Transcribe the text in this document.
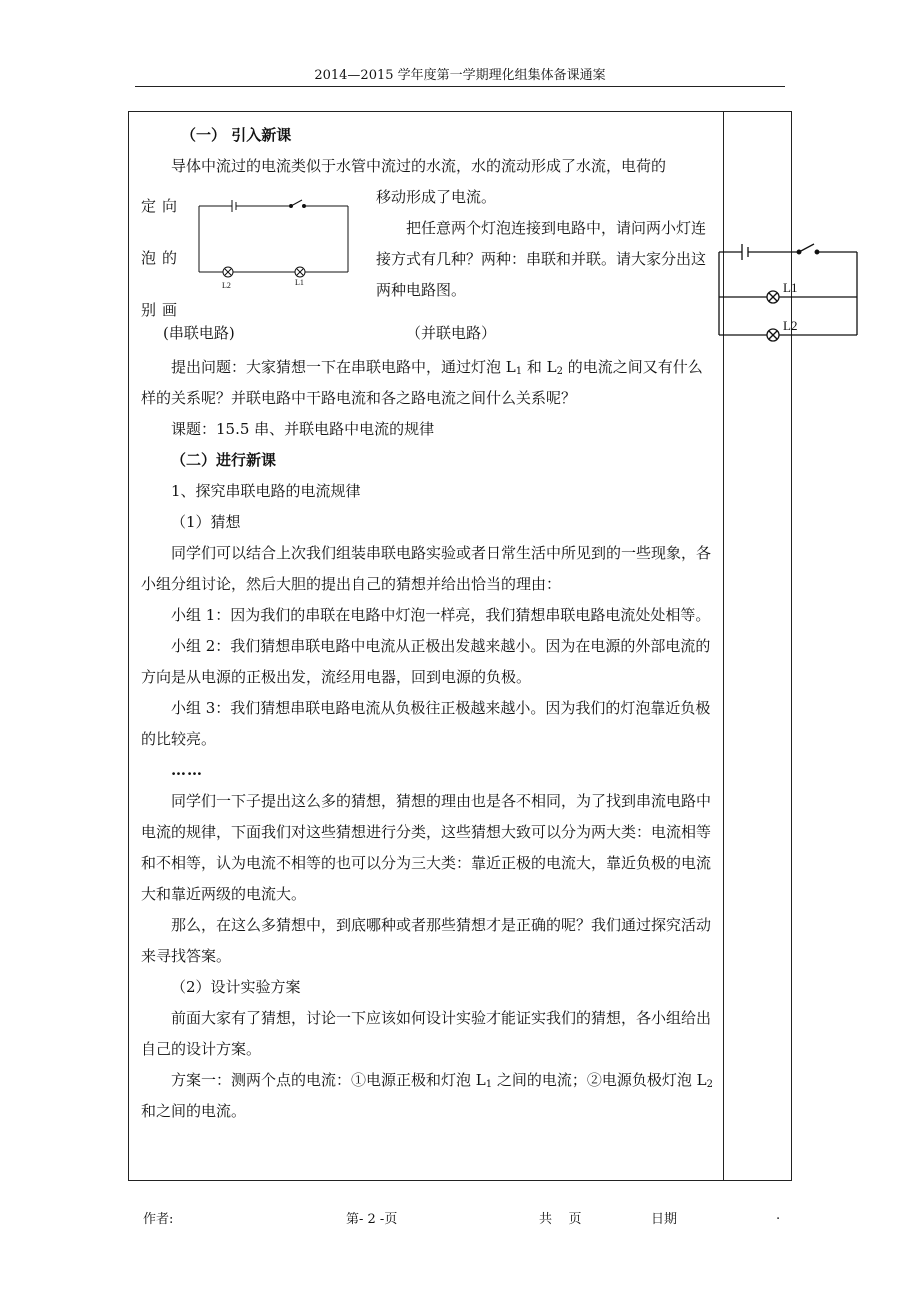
2014—2015 学年度第一学期理化组集体备课通案
L1
L2

（一） 引入新课

导体中流过的电流类似于水管中流过的水流，水的流动形成了水流，电荷的

定向
泡的
别画
L2	L1
移动形成了电流。
把任意两个灯泡连接到电路中，请问两小灯连接方式有几种？两种：串联和并联。请大家分出这两种电路图。
(串联电路)	（并联电路）

提出问题：大家猜想一下在串联电路中，通过灯泡 $L_1$ 和 $L_2$ 的电流之间又有什么样的关系呢？并联电路中干路电流和各之路电流之间什么关系呢？

课题：15.5 串、并联电路中电流的规律

（二）进行新课

1、探究串联电路的电流规律

（1）猜想

同学们可以结合上次我们组装串联电路实验或者日常生活中所见到的一些现象，各小组分组讨论，然后大胆的提出自己的猜想并给出恰当的理由：

小组 1：因为我们的串联在电路中灯泡一样亮，我们猜想串联电路电流处处相等。

小组 2：我们猜想串联电路中电流从正极出发越来越小。因为在电源的外部电流的方向是从电源的正极出发，流经用电器，回到电源的负极。

小组 3：我们猜想串联电路电流从负极往正极越来越小。因为我们的灯泡靠近负极的比较亮。

……

同学们一下子提出这么多的猜想，猜想的理由也是各不相同，为了找到串流电路中电流的规律，下面我们对这些猜想进行分类，这些猜想大致可以分为两大类：电流相等和不相等，认为电流不相等的也可以分为三大类：靠近正极的电流大，靠近负极的电流大和靠近两级的电流大。

那么，在这么多猜想中，到底哪种或者那些猜想才是正确的呢？我们通过探究活动来寻找答案。

（2）设计实验方案

前面大家有了猜想，讨论一下应该如何设计实验才能证实我们的猜想，各小组给出自己的设计方案。

方案一：测两个点的电流：①电源正极和灯泡 $L_1$ 之间的电流；②电源负极灯泡 $L_2$ 和之间的电流。

作者:	第- 2 -页	共    页	日期	.
